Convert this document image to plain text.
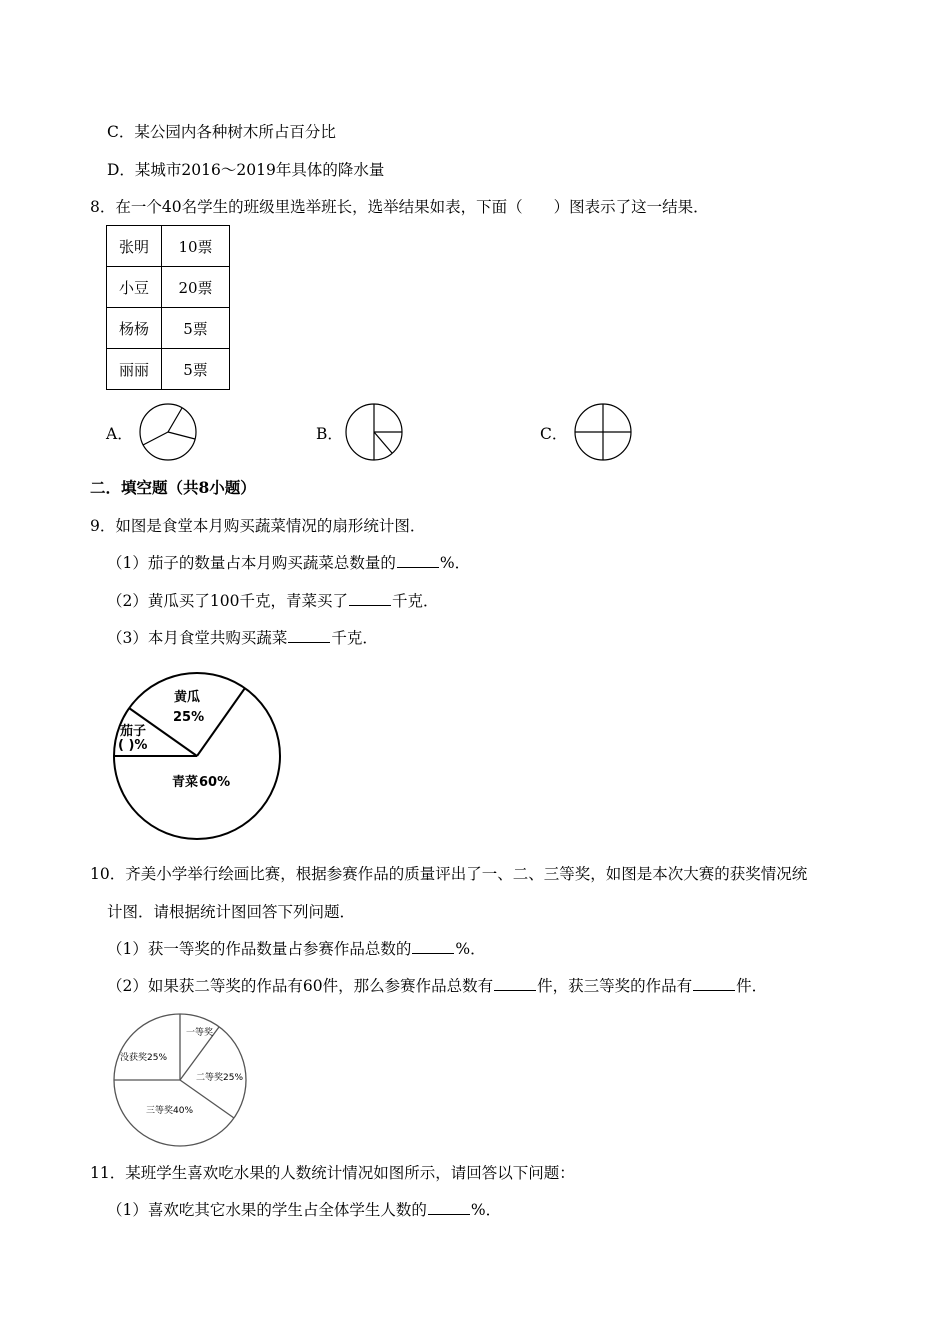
C．某公园内各种树木所占百分比
D．某城市2016～2019年具体的降水量
8．在一个40名学生的班级里选举班长，选举结果如表，下面（　　）图表示了这一结果．
张明	10票
小豆	20票
杨杨	5票
丽丽	5票
A．	B．	C．
二．填空题（共8小题）
9．如图是食堂本月购买蔬菜情况的扇形统计图．
（1）茄子的数量占本月购买蔬菜总数量的	%．
（2）黄瓜买了100千克，青菜买了	千克．
（3）本月食堂共购买蔬菜	千克．
黄瓜
25%
茄子
( )%
青菜 60%
10．齐美小学举行绘画比赛，根据参赛作品的质量评出了一、二、三等奖，如图是本次大赛的获奖情况统
计图．请根据统计图回答下列问题．
（1）获一等奖的作品数量占参赛作品总数的	%．
（2）如果获二等奖的作品有60件，那么参赛作品总数有	件，获三等奖的作品有	件．
一等奖
二等奖25%
三等奖40%
没获奖25%
11．某班学生喜欢吃水果的人数统计情况如图所示，请回答以下问题：
（1）喜欢吃其它水果的学生占全体学生人数的	%．
